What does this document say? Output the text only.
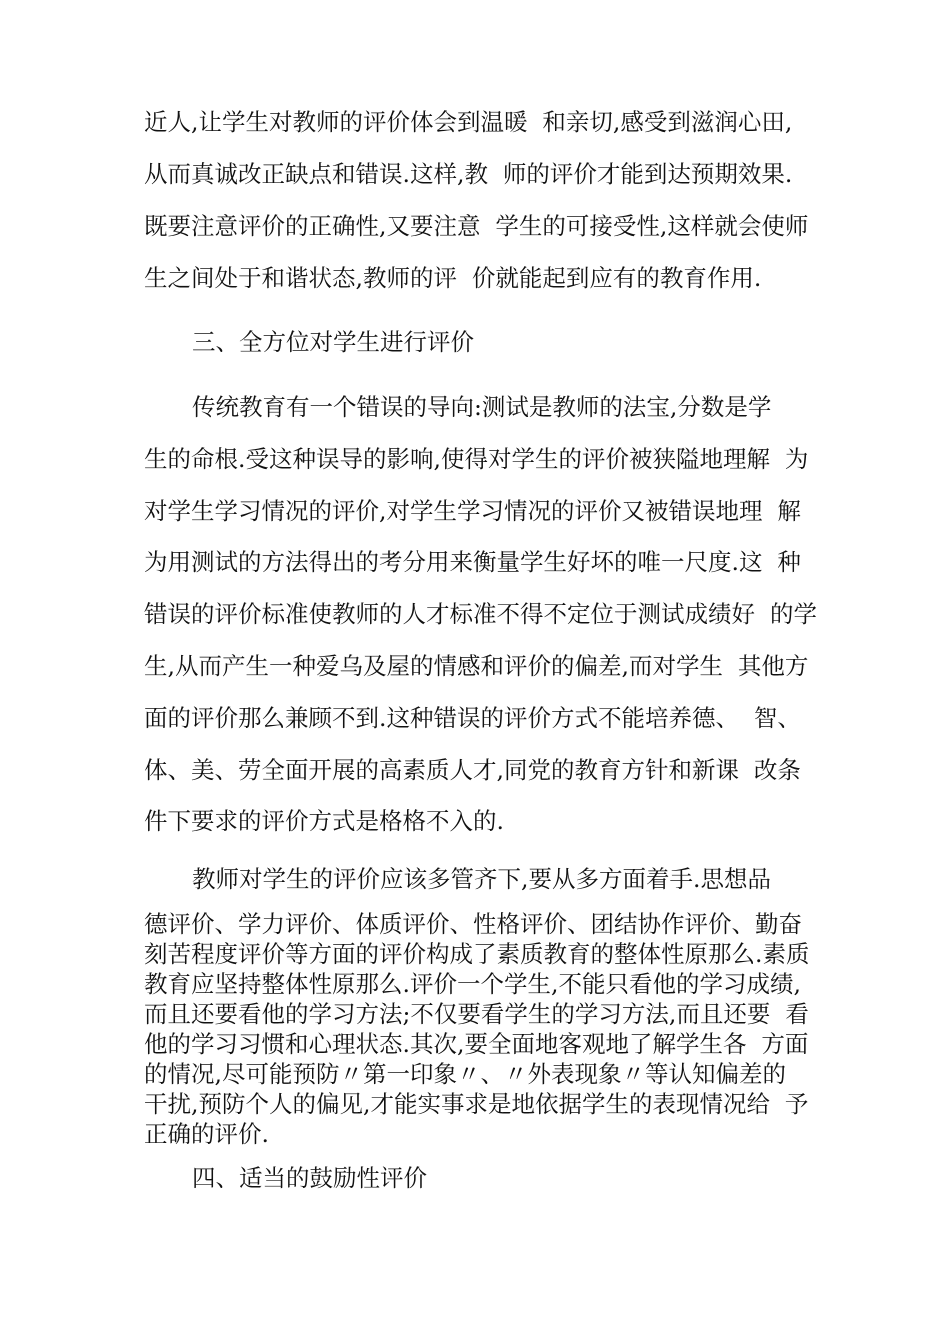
近人,让学生对教师的评价体会到温暖  和亲切,感受到滋润心田,

从而真诚改正缺点和错误.这样,教  师的评价才能到达预期效果.

既要注意评价的正确性,又要注意  学生的可接受性,这样就会使师

生之间处于和谐状态,教师的评  价就能起到应有的教育作用.

三、全方位对学生进行评价

传统教育有一个错误的导向:测试是教师的法宝,分数是学

生的命根.受这种误导的影响,使得对学生的评价被狭隘地理解  为

对学生学习情况的评价,对学生学习情况的评价又被错误地理  解

为用测试的方法得出的考分用来衡量学生好坏的唯一尺度.这  种

错误的评价标准使教师的人才标准不得不定位于测试成绩好  的学

生,从而产生一种爱乌及屋的情感和评价的偏差,而对学生  其他方

面的评价那么兼顾不到.这种错误的评价方式不能培养德、  智、

体、美、劳全面开展的高素质人才,同党的教育方针和新课  改条

件下要求的评价方式是格格不入的.

教师对学生的评价应该多管齐下,要从多方面着手.思想品

德评价、学力评价、体质评价、性格评价、团结协作评价、勤奋

刻苦程度评价等方面的评价构成了素质教育的整体性原那么.素质

教育应坚持整体性原那么.评价一个学生,不能只看他的学习成绩,

而且还要看他的学习方法;不仅要看学生的学习方法,而且还要  看

他的学习习惯和心理状态.其次,要全面地客观地了解学生各  方面

的情况,尽可能预防〃第一印象〃、〃外表现象〃等认知偏差的

干扰,预防个人的偏见,才能实事求是地依据学生的表现情况给  予

正确的评价.

四、适当的鼓励性评价
